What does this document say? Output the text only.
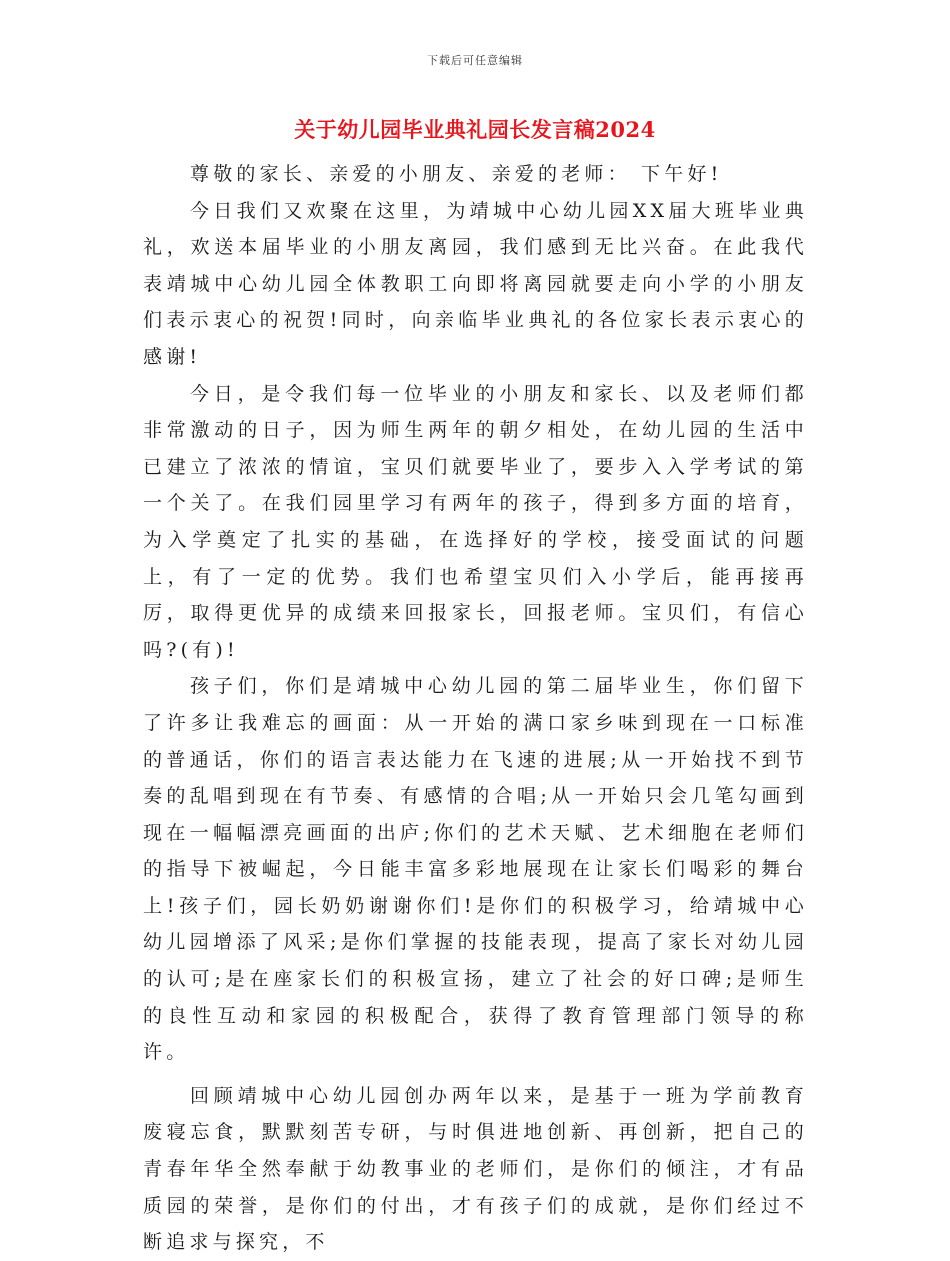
下载后可任意编辑
关于幼儿园毕业典礼园长发言稿2024

尊敬的家长、亲爱的小朋友、亲爱的老师： 下午好!

今日我们又欢聚在这里，为靖城中心幼儿园XX届大班毕业典礼，欢送本届毕业的小朋友离园，我们感到无比兴奋。在此我代表靖城中心幼儿园全体教职工向即将离园就要走向小学的小朋友们表示衷心的祝贺!同时，向亲临毕业典礼的各位家长表示衷心的感谢!

今日，是令我们每一位毕业的小朋友和家长、以及老师们都非常激动的日子，因为师生两年的朝夕相处，在幼儿园的生活中已建立了浓浓的情谊，宝贝们就要毕业了，要步入入学考试的第一个关了。在我们园里学习有两年的孩子，得到多方面的培育，为入学奠定了扎实的基础，在选择好的学校，接受面试的问题上，有了一定的优势。我们也希望宝贝们入小学后，能再接再厉，取得更优异的成绩来回报家长，回报老师。宝贝们，有信心吗?(有)!

孩子们，你们是靖城中心幼儿园的第二届毕业生，你们留下了许多让我难忘的画面：从一开始的满口家乡味到现在一口标准的普通话，你们的语言表达能力在飞速的进展;从一开始找不到节奏的乱唱到现在有节奏、有感情的合唱;从一开始只会几笔勾画到现在一幅幅漂亮画面的出庐;你们的艺术天赋、艺术细胞在老师们的指导下被崛起，今日能丰富多彩地展现在让家长们喝彩的舞台上!孩子们，园长奶奶谢谢你们!是你们的积极学习，给靖城中心幼儿园增添了风采;是你们掌握的技能表现，提高了家长对幼儿园的认可;是在座家长们的积极宣扬，建立了社会的好口碑;是师生的良性互动和家园的积极配合，获得了教育管理部门领导的称许。

回顾靖城中心幼儿园创办两年以来，是基于一班为学前教育废寝忘食，默默刻苦专研，与时俱进地创新、再创新，把自己的青春年华全然奉献于幼教事业的老师们，是你们的倾注，才有品质园的荣誉，是你们的付出，才有孩子们的成就，是你们经过不断追求与探究，不
